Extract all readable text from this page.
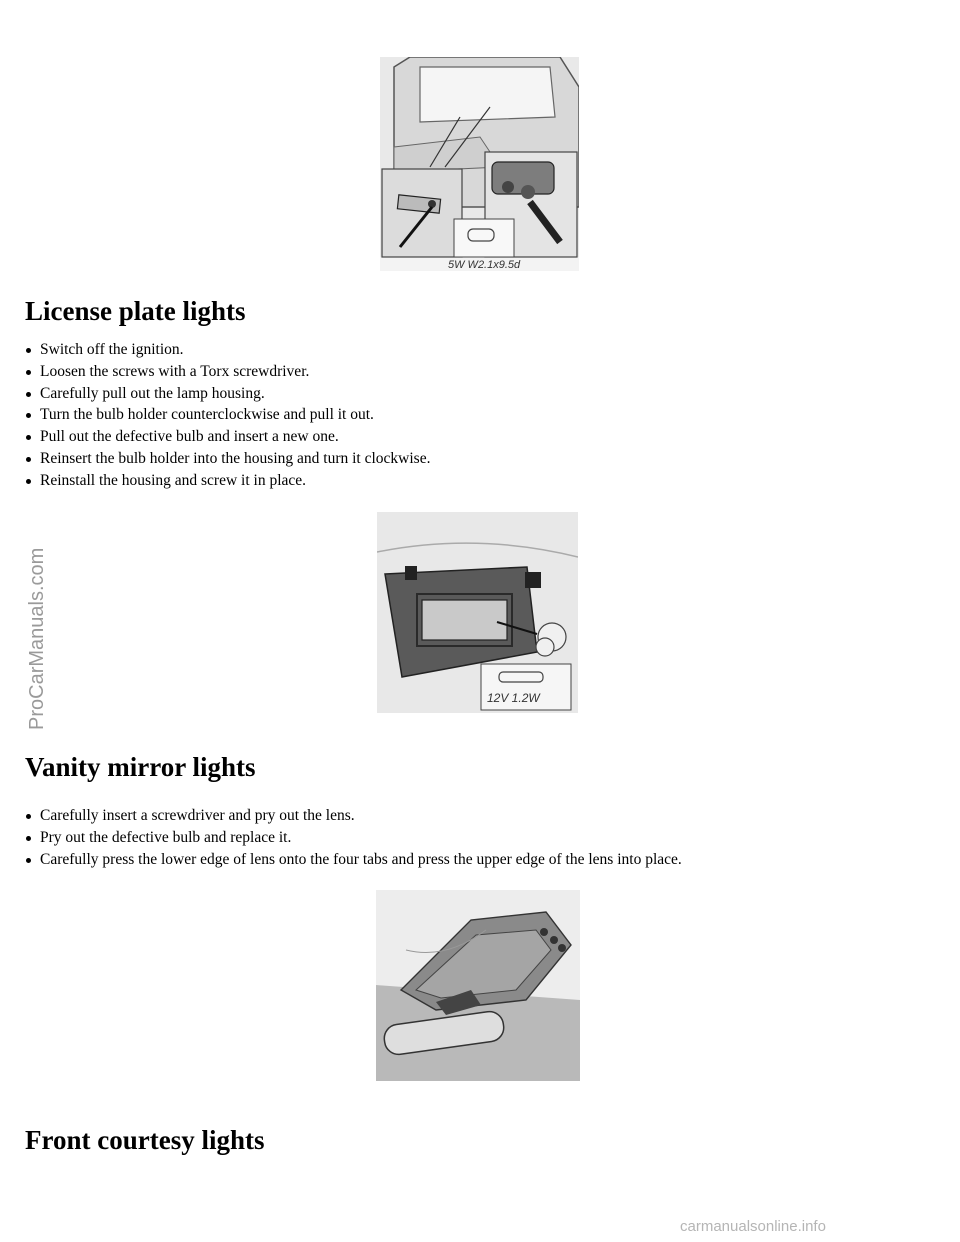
5W W2.1x9.5d
License plate lights
Switch off the ignition.
Loosen the screws with a Torx screwdriver.
Carefully pull out the lamp housing.
Turn the bulb holder counterclockwise and pull it out.
Pull out the defective bulb and insert a new one.
Reinsert the bulb holder into the housing and turn it clockwise.
Reinstall the housing and screw it in place.
12V 1.2W
Vanity mirror lights
Carefully insert a screwdriver and pry out the lens.
Pry out the defective bulb and replace it.
Carefully press the lower edge of lens onto the four tabs and press the upper edge of the lens into place.
Front courtesy lights
ProCarManuals.com
carmanualsonline.info
